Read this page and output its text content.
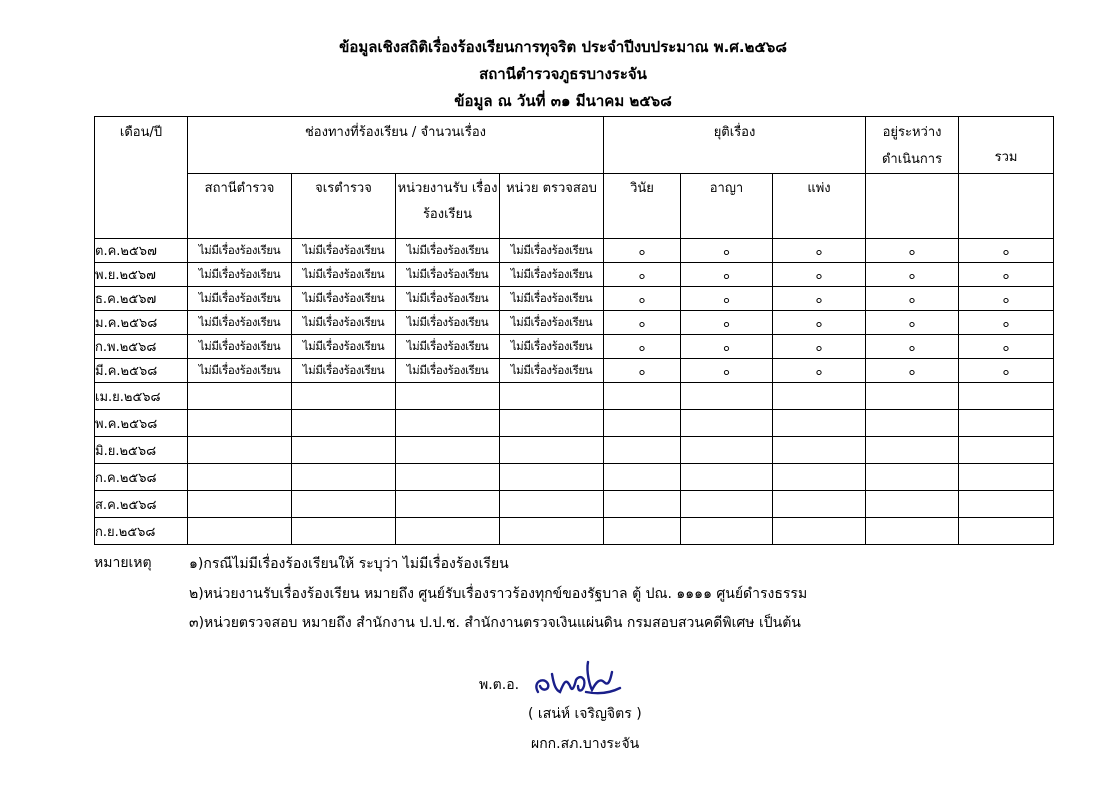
ข้อมูลเชิงสถิติเรื่องร้องเรียนการทุจริต ประจำปีงบประมาณ พ.ศ.๒๕๖๘
สถานีตำรวจภูธรบางระจัน
ข้อมูล ณ วันที่ ๓๑ มีนาคม ๒๕๖๘
เดือน/ปี	ช่องทางที่ร้องเรียน / จำนวนเรื่อง				ยุติเรื่อง			อยู่ระหว่าง ดำเนินการ	รวม

	สถานีตำรวจ	จเรตำรวจ	หน่วยงานรับ เรื่องร้องเรียน	หน่วย ตรวจสอบ	วินัย	อาญา	แพ่ง		

ต.ค.๒๕๖๗	ไม่มีเรื่องร้องเรียน	ไม่มีเรื่องร้องเรียน	ไม่มีเรื่องร้องเรียน	ไม่มีเรื่องร้องเรียน	๐	๐	๐	๐	๐
พ.ย.๒๕๖๗	ไม่มีเรื่องร้องเรียน	ไม่มีเรื่องร้องเรียน	ไม่มีเรื่องร้องเรียน	ไม่มีเรื่องร้องเรียน	๐	๐	๐	๐	๐
ธ.ค.๒๕๖๗	ไม่มีเรื่องร้องเรียน	ไม่มีเรื่องร้องเรียน	ไม่มีเรื่องร้องเรียน	ไม่มีเรื่องร้องเรียน	๐	๐	๐	๐	๐
ม.ค.๒๕๖๘	ไม่มีเรื่องร้องเรียน	ไม่มีเรื่องร้องเรียน	ไม่มีเรื่องร้องเรียน	ไม่มีเรื่องร้องเรียน	๐	๐	๐	๐	๐
ก.พ.๒๕๖๘	ไม่มีเรื่องร้องเรียน	ไม่มีเรื่องร้องเรียน	ไม่มีเรื่องร้องเรียน	ไม่มีเรื่องร้องเรียน	๐	๐	๐	๐	๐
มี.ค.๒๕๖๘	ไม่มีเรื่องร้องเรียน	ไม่มีเรื่องร้องเรียน	ไม่มีเรื่องร้องเรียน	ไม่มีเรื่องร้องเรียน	๐	๐	๐	๐	๐
เม.ย.๒๕๖๘									
พ.ค.๒๕๖๘									
มิ.ย.๒๕๖๘									
ก.ค.๒๕๖๘									
ส.ค.๒๕๖๘									
ก.ย.๒๕๖๘									
หมายเหตุ	๑)กรณีไม่มีเรื่องร้องเรียนให้ ระบุว่า ไม่มีเรื่องร้องเรียน
๒)หน่วยงานรับเรื่องร้องเรียน หมายถึง ศูนย์รับเรื่องราวร้องทุกข์ของรัฐบาล ตู้ ปณ. ๑๑๑๑ ศูนย์ดำรงธรรม
๓)หน่วยตรวจสอบ หมายถึง สำนักงาน ป.ป.ช. สำนักงานตรวจเงินแผ่นดิน กรมสอบสวนคดีพิเศษ เป็นต้น
พ.ต.อ.
( เสน่ห์ เจริญจิตร )
ผกก.สภ.บางระจัน
